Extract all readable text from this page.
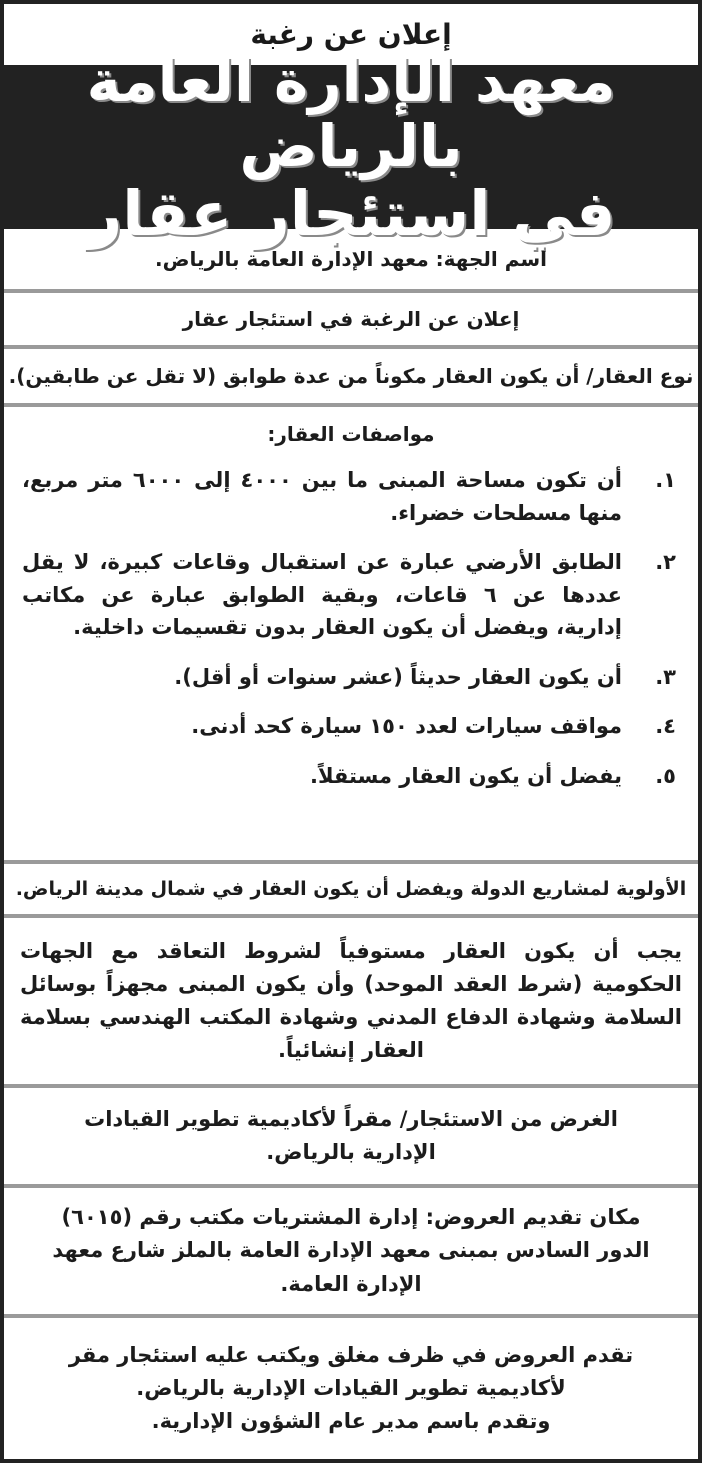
إعلان عن رغبة
معهد الإدارة العامة بالرياض
في استئجار عقار
اسم الجهة: معهد الإدارة العامة بالرياض.
إعلان عن الرغبة في استئجار عقار
نوع العقار/ أن يكون العقار مكوناً من عدة طوابق (لا تقل عن طابقين).
مواصفات العقار:
١.
أن تكون مساحة المبنى ما بين ٤٠٠٠ إلى ٦٠٠٠ متر مربع، منها مسطحات خضراء.
٢.
الطابق الأرضي عبارة عن استقبال وقاعات كبيرة، لا يقل عددها عن ٦ قاعات، وبقية الطوابق عبارة عن مكاتب إدارية، ويفضل أن يكون العقار بدون تقسيمات داخلية.
٣.
أن يكون العقار حديثاً (عشر سنوات أو أقل).
٤.
مواقف سيارات لعدد ١٥٠ سيارة كحد أدنى.
٥.
يفضل أن يكون العقار مستقلاً.
الأولوية لمشاريع الدولة ويفضل أن يكون العقار في شمال مدينة الرياض.
يجب أن يكون العقار مستوفياً لشروط التعاقد مع الجهات الحكومية (شرط العقد الموحد) وأن يكون المبنى مجهزاً بوسائل السلامة وشهادة الدفاع المدني وشهادة المكتب الهندسي بسلامة العقار إنشائياً.
الغرض من الاستئجار/ مقراً لأكاديمية تطوير القيادات الإدارية بالرياض.
مكان تقديم العروض: إدارة المشتريات مكتب رقم (٦٠١٥) الدور السادس بمبنى معهد الإدارة العامة بالملز شارع معهد الإدارة العامة.
تقدم العروض في ظرف مغلق ويكتب عليه استئجار مقر لأكاديمية تطوير القيادات الإدارية بالرياض.
وتقدم باسم مدير عام الشؤون الإدارية.
